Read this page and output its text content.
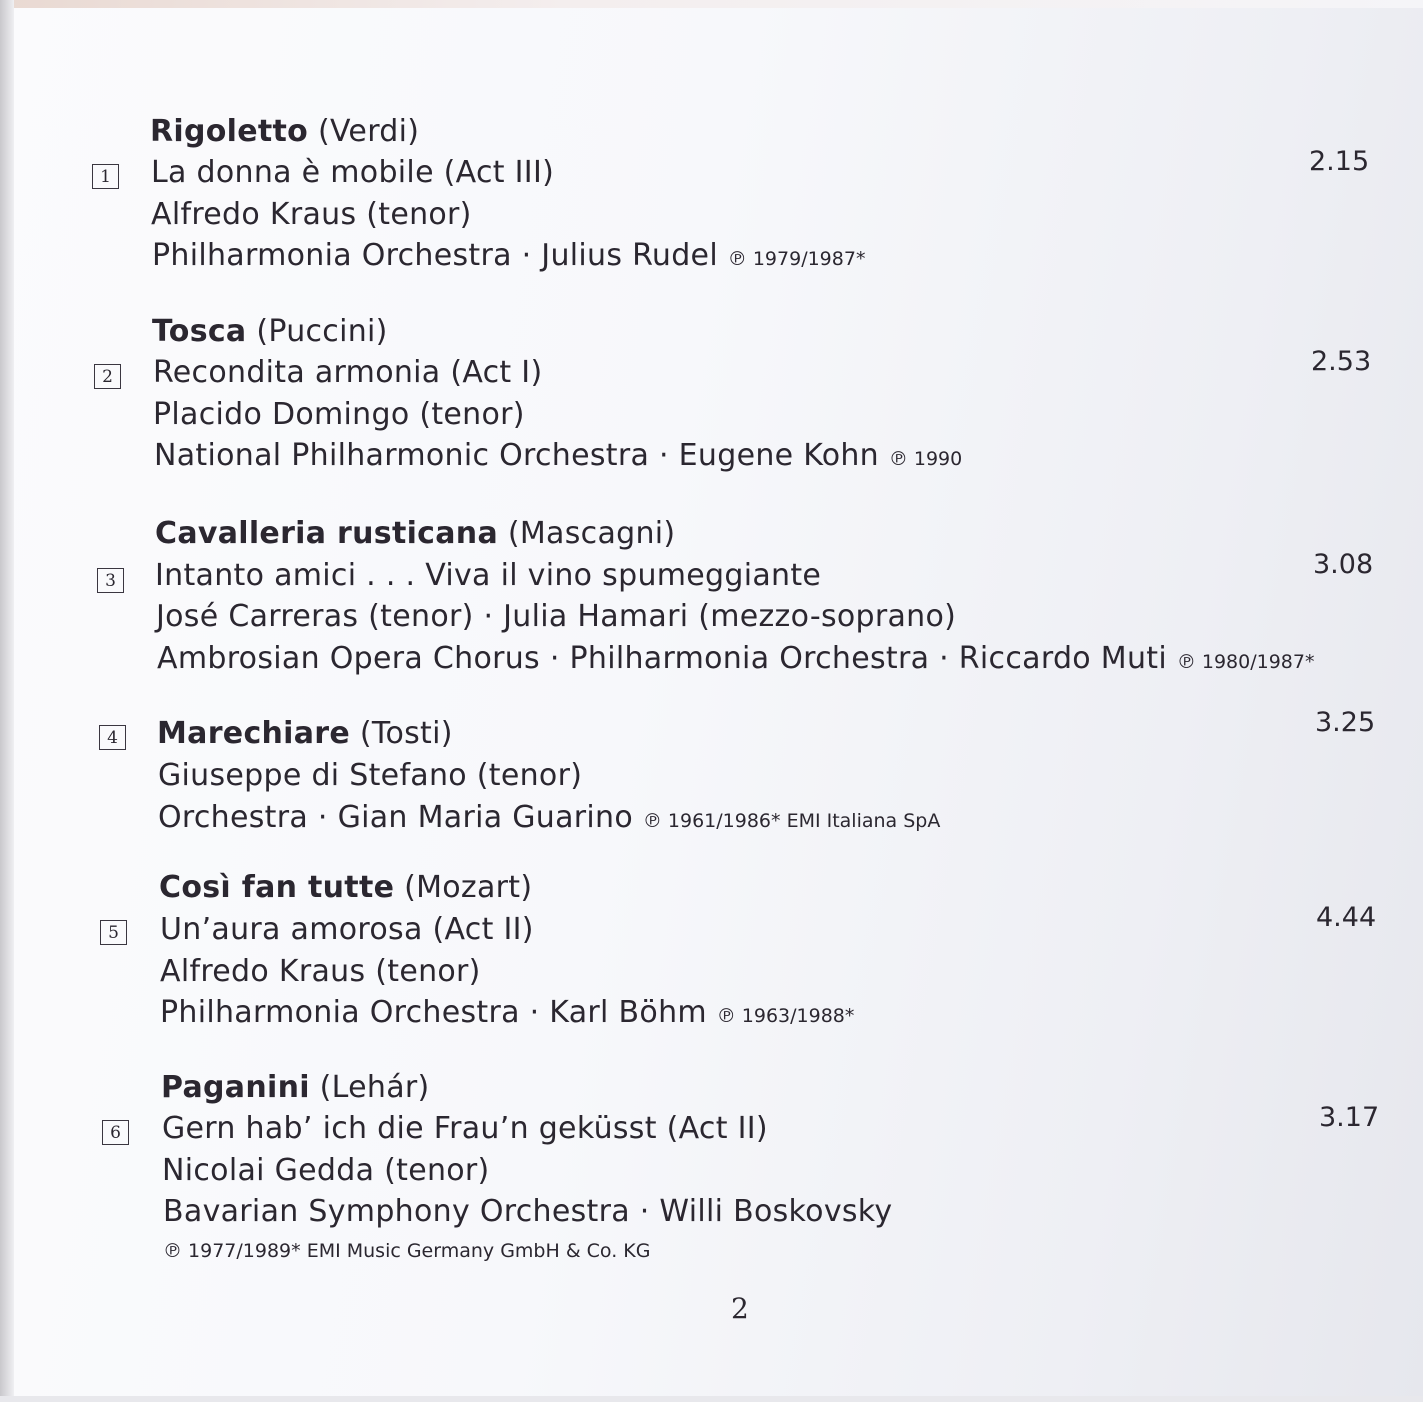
Rigoletto (Verdi)
1 La donna è mobile (Act III)
Alfredo Kraus (tenor)
Philharmonia Orchestra · Julius Rudel ℗ 1979/1987*
2.15
Tosca (Puccini)
2 Recondita armonia (Act I)
Placido Domingo (tenor)
National Philharmonic Orchestra · Eugene Kohn ℗ 1990
2.53
Cavalleria rusticana (Mascagni)
3 Intanto amici . . . Viva il vino spumeggiante
José Carreras (tenor) · Julia Hamari (mezzo-soprano)
Ambrosian Opera Chorus · Philharmonia Orchestra · Riccardo Muti ℗ 1980/1987*
3.08
4 Marechiare (Tosti)
Giuseppe di Stefano (tenor)
Orchestra · Gian Maria Guarino ℗ 1961/1986* EMI Italiana SpA
3.25
Così fan tutte (Mozart)
5 Un’aura amorosa (Act II)
Alfredo Kraus (tenor)
Philharmonia Orchestra · Karl Böhm ℗ 1963/1988*
4.44
Paganini (Lehár)
6 Gern hab’ ich die Frau’n geküsst (Act II)
Nicolai Gedda (tenor)
Bavarian Symphony Orchestra · Willi Boskovsky
℗ 1977/1989* EMI Music Germany GmbH & Co. KG
3.17
2
